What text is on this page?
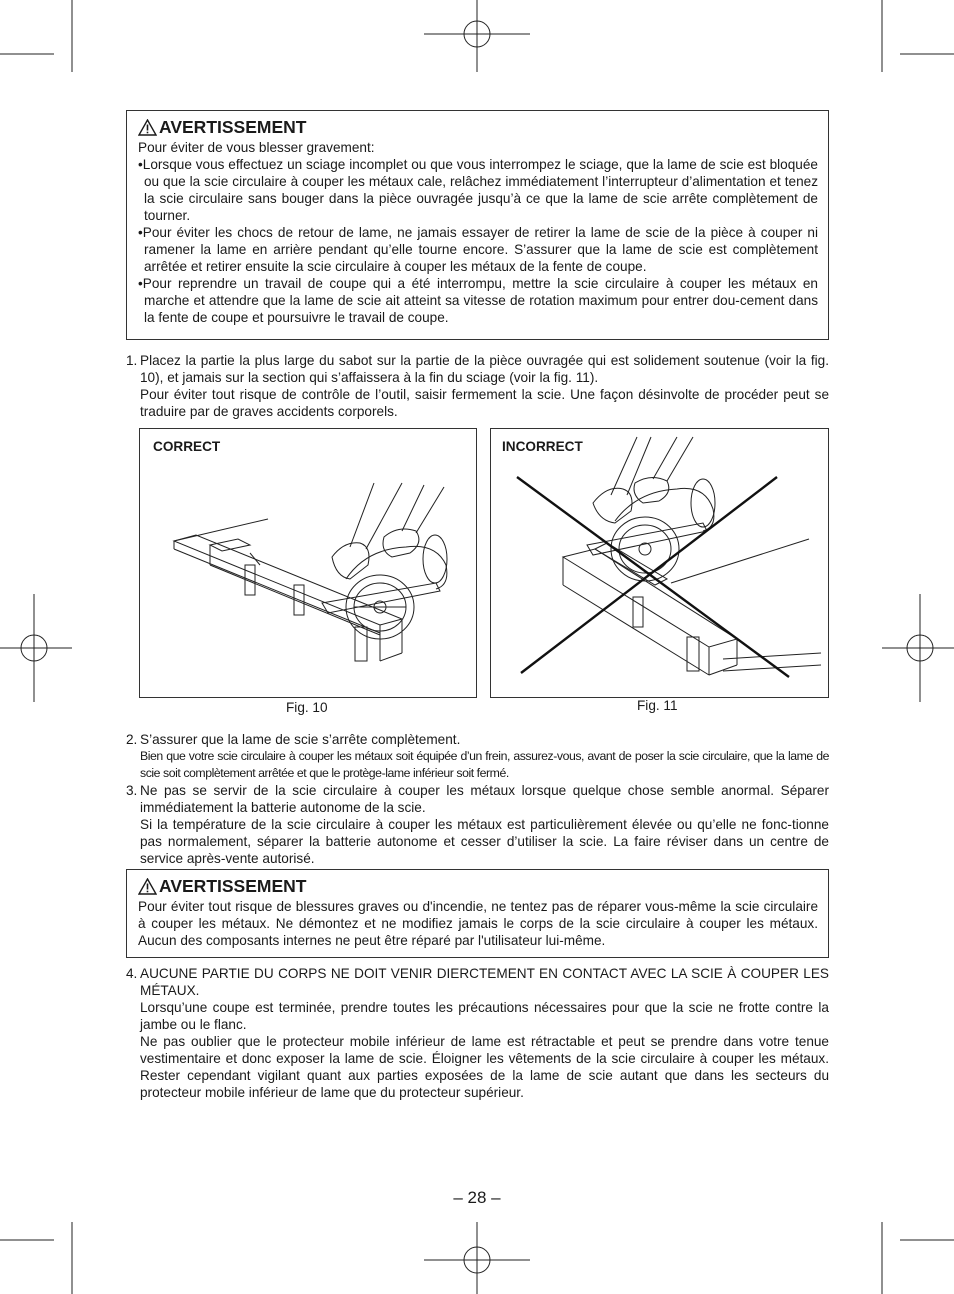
AVERTISSEMENT
Pour éviter de vous blesser gravement:
•Lorsque vous effectuez un sciage incomplet ou que vous interrompez le sciage, que la lame de scie est bloquée ou que la scie circulaire à couper les métaux cale, relâchez immédiatement l’interrupteur d’alimentation et tenez la scie circulaire sans bouger dans la pièce ouvragée jusqu’à ce que la lame de scie arrête complètement de tourner.
•Pour éviter les chocs de retour de lame, ne jamais essayer de retirer la lame de scie de la pièce à couper ni ramener la lame en arrière pendant qu’elle tourne encore. S’assurer que la lame de scie est complètement arrêtée et retirer ensuite la scie circulaire à couper les métaux de la fente de coupe.
•Pour reprendre un travail de coupe qui a été interrompu, mettre la scie circulaire à couper les métaux en marche et attendre que la lame de scie ait atteint sa vitesse de rotation maximum pour entrer dou-cement dans la fente de coupe et poursuivre le travail de coupe.
1. Placez la partie la plus large du sabot sur la partie de la pièce ouvragée qui est solidement soutenue (voir la fig. 10), et jamais sur la section qui s’affaissera à la fin du sciage (voir la fig. 11).
Pour éviter tout risque de contrôle de l’outil, saisir fermement la scie. Une façon désinvolte de procéder peut se traduire par de graves accidents corporels.
CORRECT
Fig. 10
INCORRECT
Fig. 11
2. S’assurer que la lame de scie s’arrête complètement.
Bien que votre scie circulaire à couper les métaux soit équipée d’un frein, assurez-vous, avant de poser la scie circulaire, que la lame de scie soit complètement arrêtée et que le protège-lame inférieur soit fermé.
3. Ne pas se servir de la scie circulaire à couper les métaux lorsque quelque chose semble anormal. Séparer immédiatement la batterie autonome de la scie.
Si la température de la scie circulaire à couper les métaux est particulièrement élevée ou qu’elle ne fonc-tionne pas normalement, séparer la batterie autonome et cesser d’utiliser la scie. La faire réviser dans un centre de service après-vente autorisé.
AVERTISSEMENT
Pour éviter tout risque de blessures graves ou d'incendie, ne tentez pas de réparer vous-même la scie circulaire à couper les métaux. Ne démontez et ne modifiez jamais le corps de la scie circulaire à couper les métaux. Aucun des composants internes ne peut être réparé par l'utilisateur lui-même.
4. AUCUNE PARTIE DU CORPS NE DOIT VENIR DIERCTEMENT EN CONTACT AVEC LA SCIE À COUPER LES MÉTAUX.
Lorsqu’une coupe est terminée, prendre toutes les précautions nécessaires pour que la scie ne frotte contre la jambe ou le flanc.
Ne pas oublier que le protecteur mobile inférieur de lame est rétractable et peut se prendre dans votre tenue vestimentaire et donc exposer la lame de scie. Éloigner les vêtements de la scie circulaire à couper les métaux. Rester cependant vigilant quant aux parties exposées de la lame de scie autant que dans les secteurs du protecteur mobile inférieur de lame que du protecteur supérieur.
– 28 –
